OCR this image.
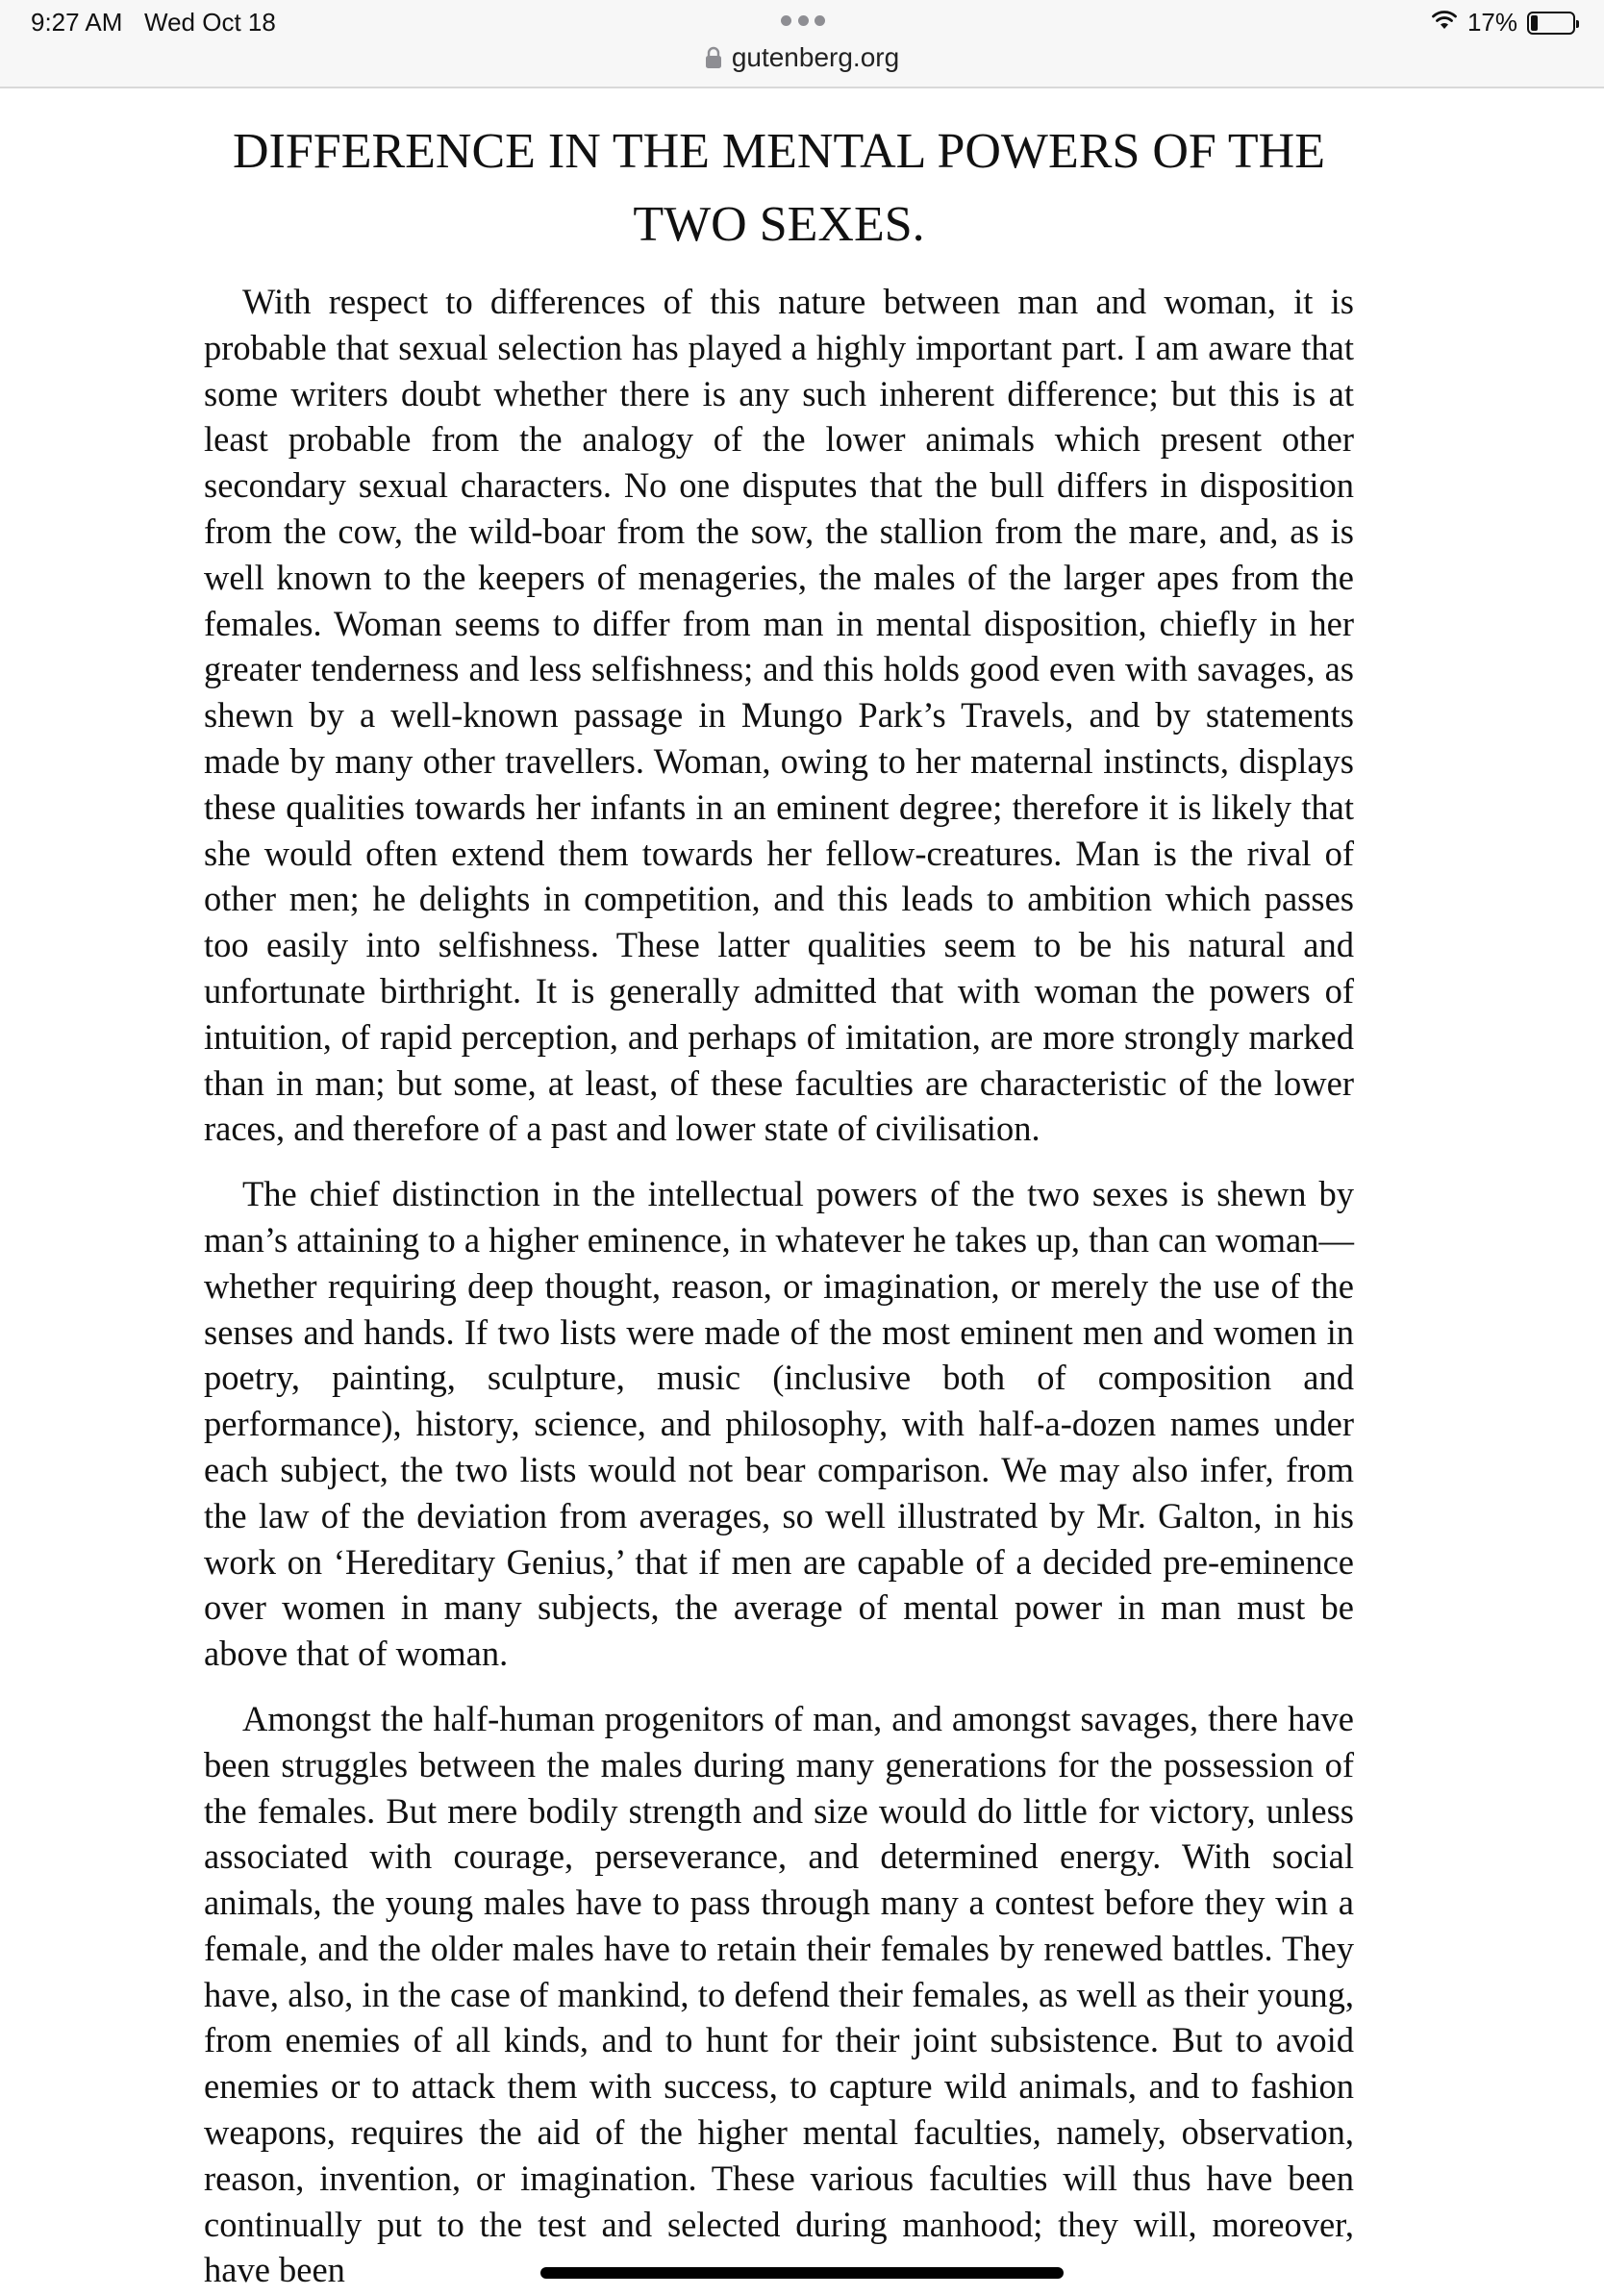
9:27 AM Wed Oct 18
gutenberg.org
17%
DIFFERENCE IN THE MENTAL POWERS OF THE TWO SEXES.

With respect to differences of this nature between man and woman, it is probable that sexual selection has played a highly important part. I am aware that some writers doubt whether there is any such inherent difference; but this is at least probable from the analogy of the lower animals which present other secondary sexual characters. No one disputes that the bull differs in disposition from the cow, the wild-boar from the sow, the stallion from the mare, and, as is well known to the keepers of menageries, the males of the larger apes from the females. Woman seems to differ from man in mental disposition, chiefly in her greater tenderness and less selfishness; and this holds good even with savages, as shewn by a well-known passage in Mungo Park’s Travels, and by statements made by many other travellers. Woman, owing to her maternal instincts, displays these qualities towards her infants in an eminent degree; therefore it is likely that she would often extend them towards her fellow-creatures. Man is the rival of other men; he delights in competition, and this leads to ambition which passes too easily into selfishness. These latter qualities seem to be his natural and unfortunate birthright. It is generally admitted that with woman the powers of intuition, of rapid perception, and perhaps of imitation, are more strongly marked than in man; but some, at least, of these faculties are characteristic of the lower races, and therefore of a past and lower state of civilisation.

The chief distinction in the intellectual powers of the two sexes is shewn by man’s attaining to a higher eminence, in whatever he takes up, than can woman—whether requiring deep thought, reason, or imagination, or merely the use of the senses and hands. If two lists were made of the most eminent men and women in poetry, painting, sculpture, music (inclusive both of composition and performance), history, science, and philosophy, with half-a-dozen names under each subject, the two lists would not bear comparison. We may also infer, from the law of the deviation from averages, so well illustrated by Mr. Galton, in his work on ‘Hereditary Genius,’ that if men are capable of a decided pre-eminence over women in many subjects, the average of mental power in man must be above that of woman.

Amongst the half-human progenitors of man, and amongst savages, there have been struggles between the males during many generations for the possession of the females. But mere bodily strength and size would do little for victory, unless associated with courage, perseverance, and determined energy. With social animals, the young males have to pass through many a contest before they win a female, and the older males have to retain their females by renewed battles. They have, also, in the case of mankind, to defend their females, as well as their young, from enemies of all kinds, and to hunt for their joint subsistence. But to avoid enemies or to attack them with success, to capture wild animals, and to fashion weapons, requires the aid of the higher mental faculties, namely, observation, reason, invention, or imagination. These various faculties will thus have been continually put to the test and selected during manhood; they will, moreover, have been
